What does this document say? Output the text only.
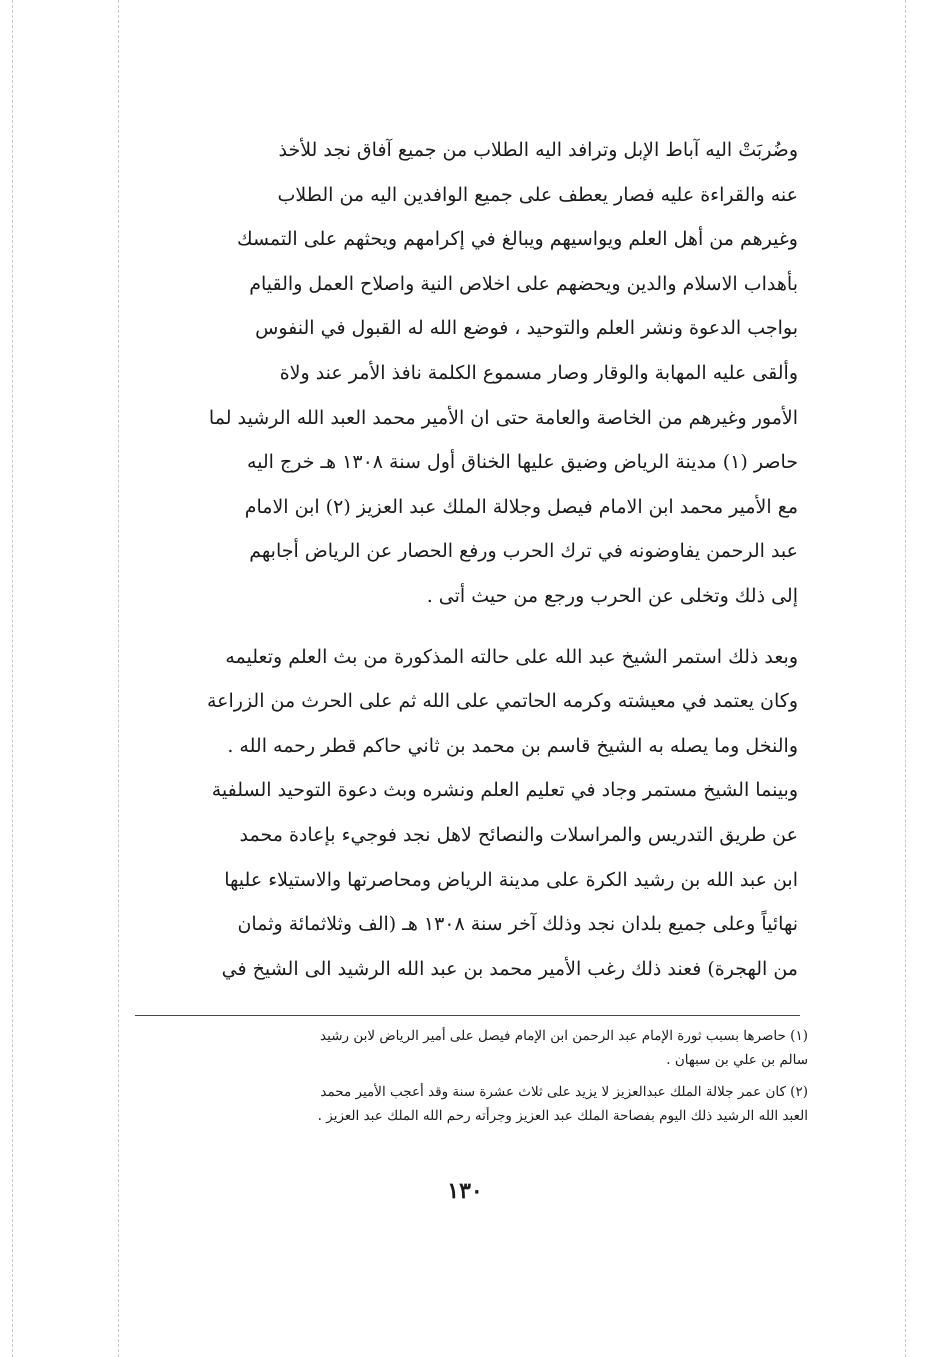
وضُربَتْ اليه آباط الإبل وترافد اليه الطلاب من جميع آفاق نجد للأخذ
عنه والقراءة عليه فصار يعطف على جميع الوافدين اليه من الطلاب
وغيرهم من أهل العلم ويواسيهم ويبالغ في إكرامهم ويحثهم على التمسك
بأهداب الاسلام والدين ويحضهم على اخلاص النية واصلاح العمل والقيام
بواجب الدعوة ونشر العلم والتوحيد ، فوضع الله له القبول في النفوس
وألقى عليه المهابة والوقار وصار مسموع الكلمة نافذ الأمر عند ولاة
الأمور وغيرهم من الخاصة والعامة حتى ان الأمير محمد العبد الله الرشيد لما
حاصر (١) مدينة الرياض وضيق عليها الخناق أول سنة ١٣٠٨ هـ خرج اليه
مع الأمير محمد ابن الامام فيصل وجلالة الملك عبد العزيز (٢) ابن الامام
عبد الرحمن يفاوضونه في ترك الحرب ورفع الحصار عن الرياض أجابهم
إلى ذلك وتخلى عن الحرب ورجع من حيث أتى .
وبعد ذلك استمر الشيخ عبد الله على حالته المذكورة من بث العلم وتعليمه
وكان يعتمد في معيشته وكرمه الحاتمي على الله ثم على الحرث من الزراعة
والنخل وما يصله به الشيخ قاسم بن محمد بن ثاني حاكم قطر رحمه الله .
وبينما الشيخ مستمر وجاد في تعليم العلم ونشره وبث دعوة التوحيد السلفية
عن طريق التدريس والمراسلات والنصائح لاهل نجد فوجيء بإعادة محمد
ابن عبد الله بن رشيد الكرة على مدينة الرياض ومحاصرتها والاستيلاء عليها
نهائياً وعلى جميع بلدان نجد وذلك آخر سنة ١٣٠٨ هـ (الف وثلاثمائة وثمان
من الهجرة) فعند ذلك رغب الأمير محمد بن عبد الله الرشيد الى الشيخ في
(١) حاصرها بسبب ثورة الإمام عبد الرحمن ابن الإمام فيصل على أمير الرياض لابن رشيد
سالم بن علي بن سبهان .
(٢) كان عمر جلالة الملك عبدالعزيز لا يزيد على ثلاث عشرة سنة وقد أعجب الأمير محمد
العبد الله الرشيد ذلك اليوم بفصاحة الملك عبد العزيز وجرأته رحم الله الملك عبد العزيز .
١٣٠
